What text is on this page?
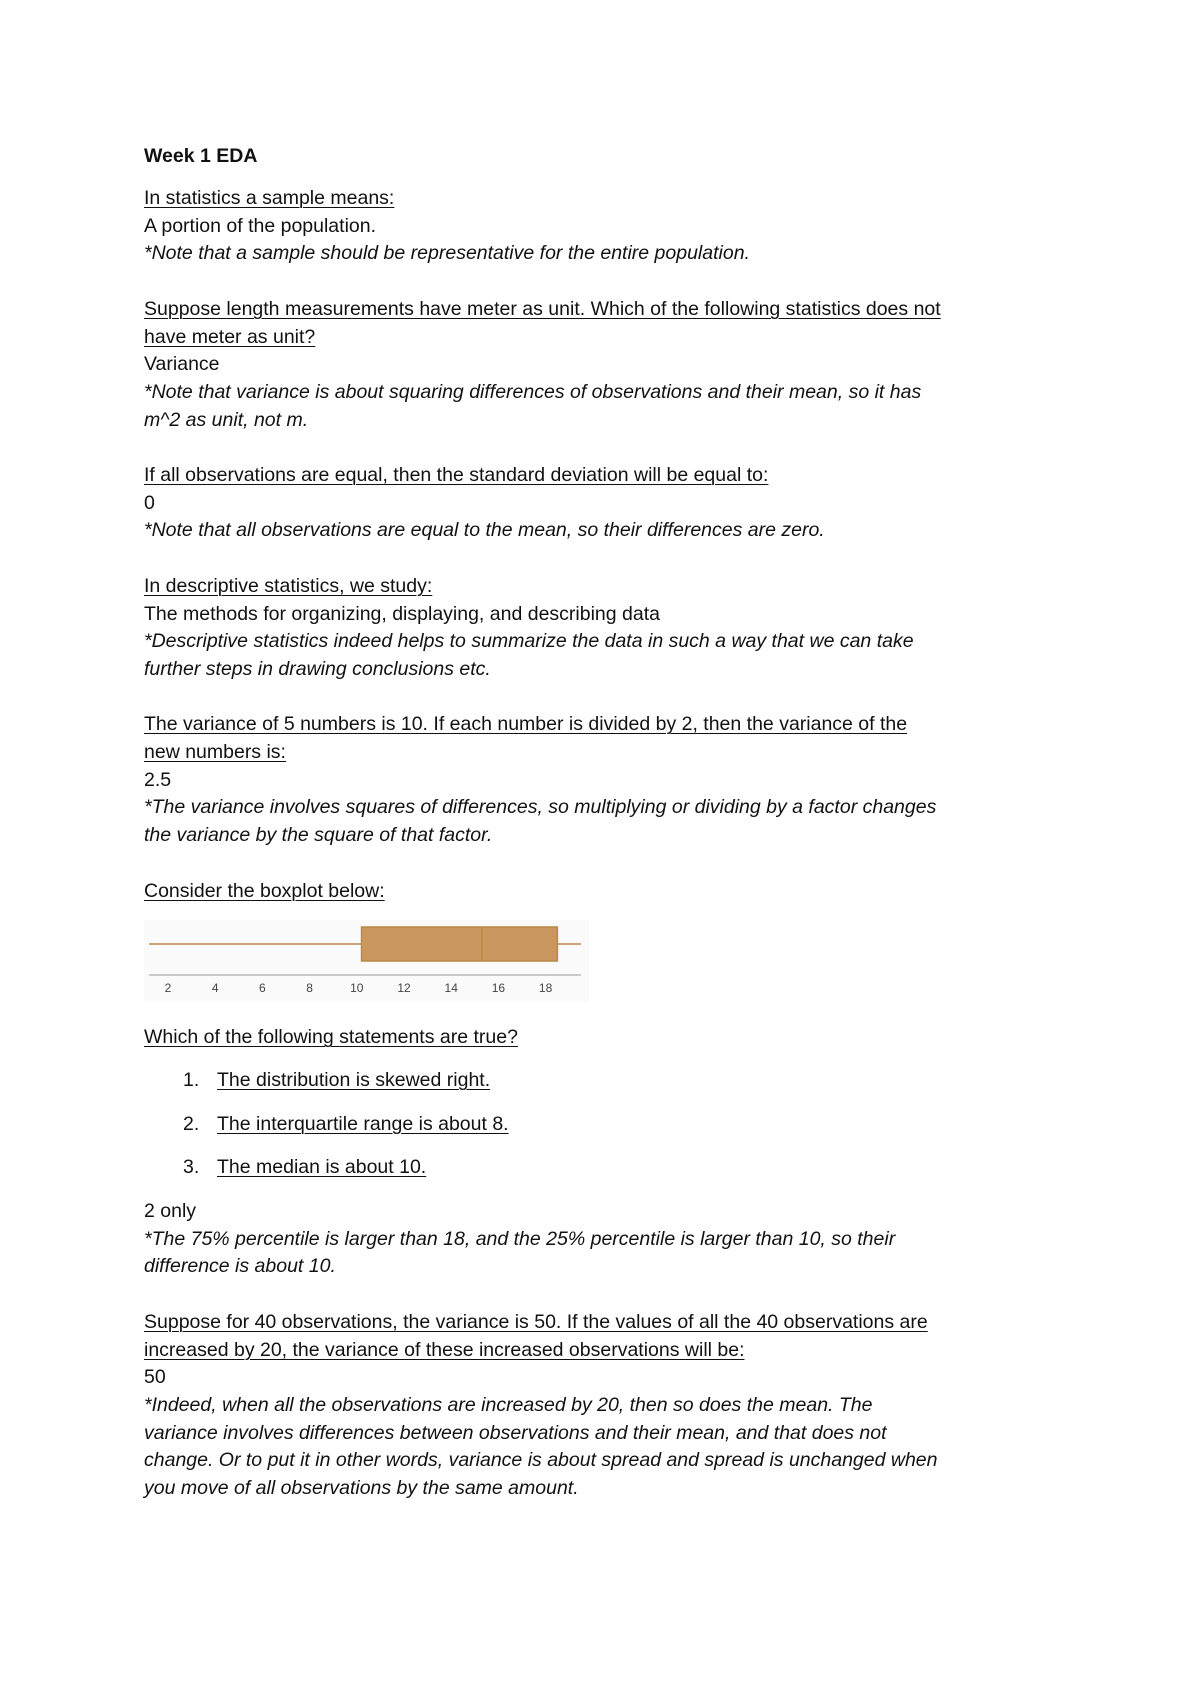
Week 1 EDA
In statistics a sample means:
A portion of the population.
*Note that a sample should be representative for the entire population.
Suppose length measurements have meter as unit. Which of the following statistics does not
have meter as unit?
Variance
*Note that variance is about squaring differences of observations and their mean, so it has
m^2 as unit, not m.
If all observations are equal, then the standard deviation will be equal to:
0
*Note that all observations are equal to the mean, so their differences are zero.
In descriptive statistics, we study:
The methods for organizing, displaying, and describing data
*Descriptive statistics indeed helps to summarize the data in such a way that we can take
further steps in drawing conclusions etc.
The variance of 5 numbers is 10. If each number is divided by 2, then the variance of the
new numbers is:
2.5
*The variance involves squares of differences, so multiplying or dividing by a factor changes
the variance by the square of that factor.
Consider the boxplot below:
2	4	6	8	10	12	14	16	18
Which of the following statements are true?
1. The distribution is skewed right.
2. The interquartile range is about 8.
3. The median is about 10.
2 only
*The 75% percentile is larger than 18, and the 25% percentile is larger than 10, so their
difference is about 10.
Suppose for 40 observations, the variance is 50. If the values of all the 40 observations are
increased by 20, the variance of these increased observations will be:
50
*Indeed, when all the observations are increased by 20, then so does the mean. The
variance involves differences between observations and their mean, and that does not
change. Or to put it in other words, variance is about spread and spread is unchanged when
you move of all observations by the same amount.
